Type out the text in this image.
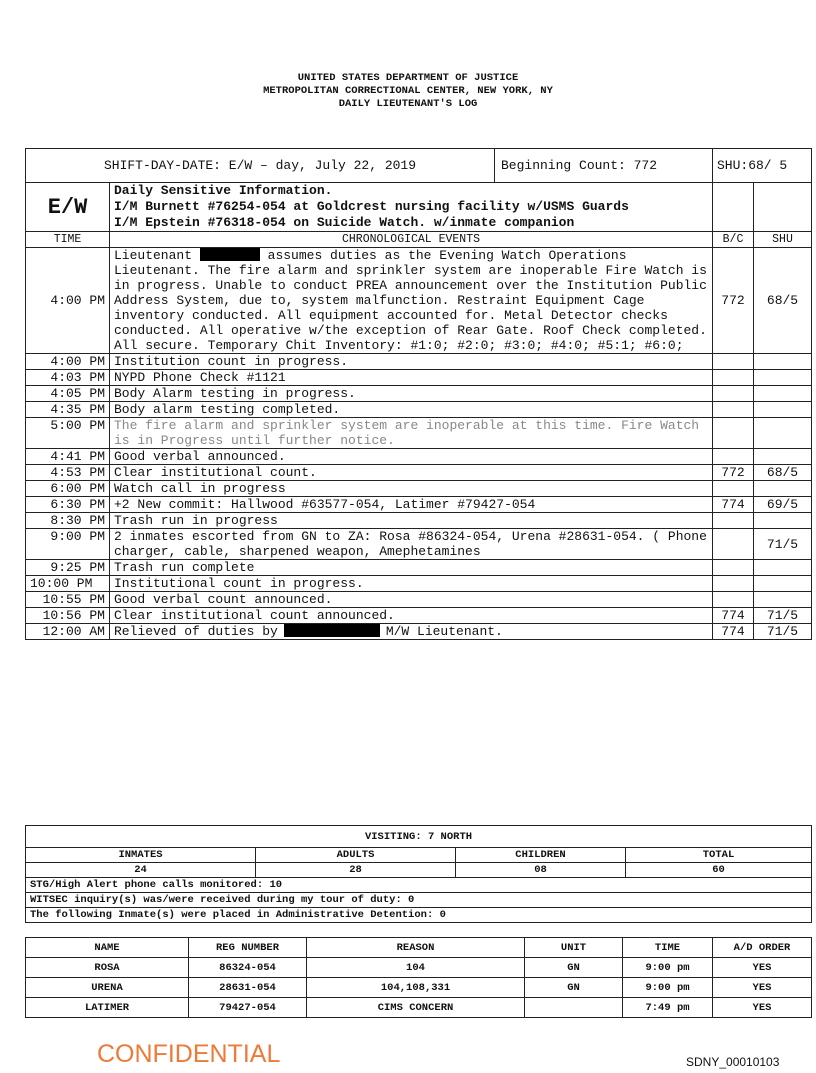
UNITED STATES DEPARTMENT OF JUSTICE
METROPOLITAN CORRECTIONAL CENTER, NEW YORK, NY
DAILY LIEUTENANT'S LOG
SHIFT-DAY-DATE: E/W – day, July 22, 2019		Beginning Count: 772	SHU:68/ 5	
E/W	Daily Sensitive Information.
I/M Burnett #76254-054 at Goldcrest nursing facility w/USMS Guards
I/M Epstein #76318-054 on Suicide Watch. w/inmate companion			

TIME	CHRONOLOGICAL EVENTS		B/C	SHU
4:00 PM	Lieutenant assumes duties as the Evening Watch Operations Lieutenant. The fire alarm and sprinkler system are inoperable Fire Watch is in progress. Unable to conduct PREA announcement over the Institution Public Address System, due to, system malfunction. Restraint Equipment Cage inventory conducted. All equipment accounted for. Metal Detector checks conducted. All operative w/the exception of Rear Gate. Roof Check completed. All secure. Temporary Chit Inventory: #1:0; #2:0; #3:0; #4:0; #5:1; #6:0;		772	68/5
4:00 PM	Institution count in progress.			
4:03 PM	NYPD Phone Check #1121			
4:05 PM	Body Alarm testing in progress.			
4:35 PM	Body alarm testing completed.			
5:00 PM	The fire alarm and sprinkler system are inoperable at this time. Fire Watch is in Progress until further notice.			
4:41 PM	Good verbal announced.			
4:53 PM	Clear institutional count.		772	68/5
6:00 PM	Watch call in progress			
6:30 PM	+2 New commit: Hallwood #63577-054, Latimer #79427-054		774	69/5
8:30 PM	Trash run in progress			
9:00 PM	2 inmates escorted from GN to ZA: Rosa #86324-054, Urena #28631-054. ( Phone charger, cable, sharpened weapon, Amephetamines			71/5
9:25 PM	Trash run complete			
10:00 PM	Institutional count in progress.			
10:55 PM	Good verbal count announced.			
10:56 PM	Clear institutional count announced.		774	71/5
12:00 AM	Relieved of duties by M/W Lieutenant.		774	71/5
VISITING: 7 NORTH			
INMATES	ADULTS	CHILDREN	TOTAL
24	28	08	60
STG/High Alert phone calls monitored: 10			
WITSEC inquiry(s) was/were received during my tour of duty: 0			
The following Inmate(s) were placed in Administrative Detention: 0			
NAME	REG NUMBER	REASON	UNIT	TIME	A/D ORDER
ROSA	86324-054	104	GN	9:00 pm	YES
URENA	28631-054	104,108,331	GN	9:00 pm	YES
LATIMER	79427-054	CIMS CONCERN		7:49 pm	YES
CONFIDENTIAL	SDNY_00010103
